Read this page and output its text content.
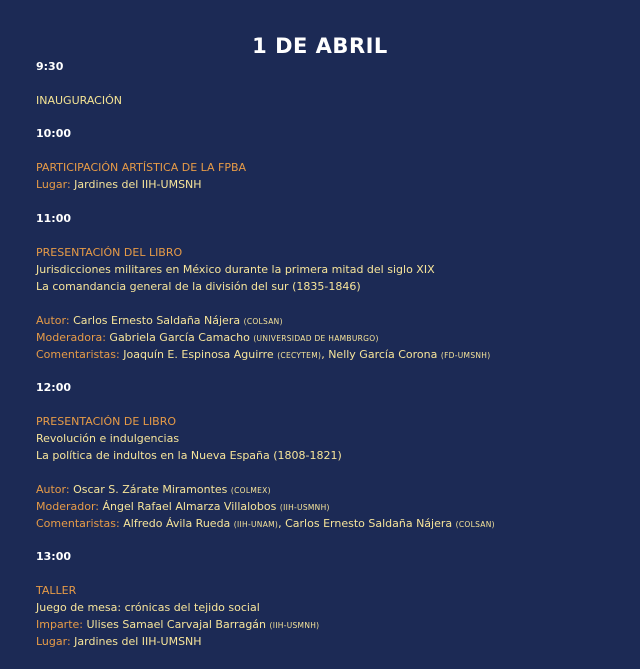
1 DE ABRIL
9:30
INAUGURACIÓN
10:00
PARTICIPACIÓN ARTÍSTICA DE LA FPBA
Lugar: Jardines del IIH-UMSNH
11:00
PRESENTACIÓN DEL LIBRO
Jurisdicciones militares en México durante la primera mitad del siglo XIX
La comandancia general de la división del sur (1835-1846)
Autor: Carlos Ernesto Saldaña Nájera (COLSAN)
Moderadora: Gabriela García Camacho (UNIVERSIDAD DE HAMBURGO)
Comentaristas: Joaquín E. Espinosa Aguirre (CECYTEM), Nelly García Corona (FD-UMSNH)
12:00
PRESENTACIÓN DE LIBRO
Revolución e indulgencias
La política de indultos en la Nueva España (1808-1821)
Autor: Oscar S. Zárate Miramontes (COLMEX)
Moderador: Ángel Rafael Almarza Villalobos (IIH-USMNH)
Comentaristas: Alfredo Ávila Rueda (IIH-UNAM), Carlos Ernesto Saldaña Nájera (COLSAN)
13:00
TALLER
Juego de mesa: crónicas del tejido social
Imparte: Ulises Samael Carvajal Barragán (IIH-USMNH)
Lugar: Jardines del IIH-UMSNH
